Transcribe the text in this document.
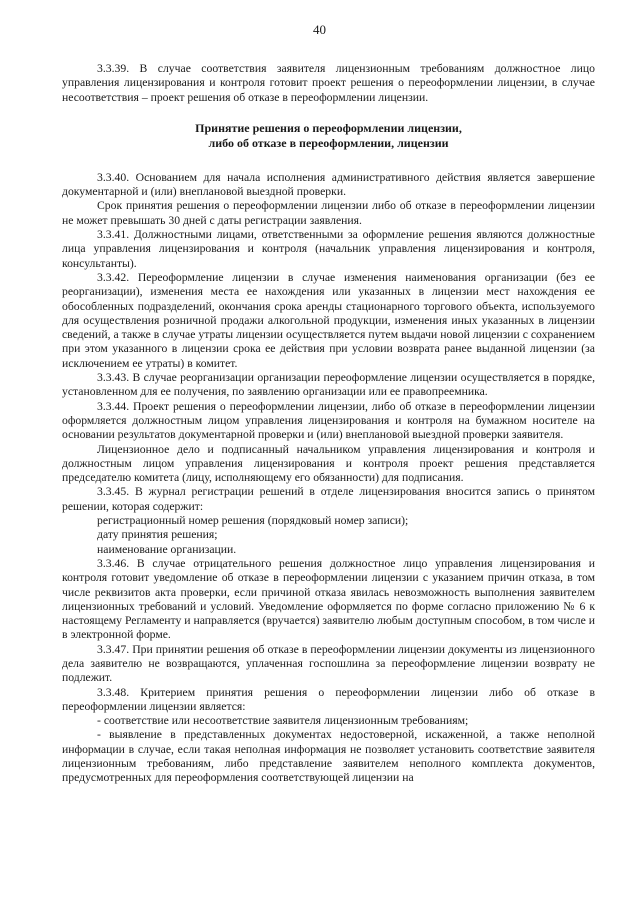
40

3.3.39. В случае соответствия заявителя лицензионным требованиям должностное лицо управления лицензирования и контроля готовит проект решения о переоформлении лицензии, в случае несоответствия – проект решения об отказе в переоформлении лицензии.

Принятие решения о переоформлении лицензии,
либо об отказе в переоформлении, лицензии

3.3.40. Основанием для начала исполнения административного действия является завершение документарной и (или) внеплановой выездной проверки.

Срок принятия решения о переоформлении лицензии либо об отказе в переоформлении лицензии не может превышать 30 дней с даты регистрации заявления.

3.3.41. Должностными лицами, ответственными за оформление решения являются должностные лица управления лицензирования и контроля (начальник управления лицензирования и контроля, консультанты).

3.3.42. Переоформление лицензии в случае изменения наименования организации (без ее реорганизации), изменения места ее нахождения или указанных в лицензии мест нахождения ее обособленных подразделений, окончания срока аренды стационарного торгового объекта, используемого для осуществления розничной продажи алкогольной продукции, изменения иных указанных в лицензии сведений, а также в случае утраты лицензии осуществляется путем выдачи новой лицензии с сохранением при этом указанного в лицензии срока ее действия при условии возврата ранее выданной лицензии (за исключением ее утраты) в комитет.

3.3.43. В случае реорганизации организации переоформление лицензии осуществляется в порядке, установленном для ее получения, по заявлению организации или ее правопреемника.

3.3.44. Проект решения о переоформлении лицензии, либо об отказе в переоформлении лицензии оформляется должностным лицом управления лицензирования и контроля на бумажном носителе на основании результатов документарной проверки и (или) внеплановой выездной проверки заявителя.

Лицензионное дело и подписанный начальником управления лицензирования и контроля и должностным лицом управления лицензирования и контроля проект решения представляется председателю комитета (лицу, исполняющему его обязанности) для подписания.

3.3.45. В журнал регистрации решений в отделе лицензирования вносится запись о принятом решении, которая содержит:

регистрационный номер решения (порядковый номер записи);

дату принятия решения;

наименование организации.

3.3.46. В случае отрицательного решения должностное лицо управления лицензирования и контроля готовит уведомление об отказе в переоформлении лицензии с указанием причин отказа, в том числе реквизитов акта проверки, если причиной отказа явилась невозможность выполнения заявителем лицензионных требований и условий. Уведомление оформляется по форме согласно приложению № 6 к настоящему Регламенту и направляется (вручается) заявителю любым доступным способом, в том числе и в электронной форме.

3.3.47. При принятии решения об отказе в переоформлении лицензии документы из лицензионного дела заявителю не возвращаются, уплаченная госпошлина за переоформление лицензии возврату не подлежит.

3.3.48. Критерием принятия решения о переоформлении лицензии либо об отказе в переоформлении лицензии является:

- соответствие или несоответствие заявителя лицензионным требованиям;

- выявление в представленных документах недостоверной, искаженной, а также неполной информации в случае, если такая неполная информация не позволяет установить соответствие заявителя лицензионным требованиям, либо представление заявителем неполного комплекта документов, предусмотренных для переоформления соответствующей лицензии на
